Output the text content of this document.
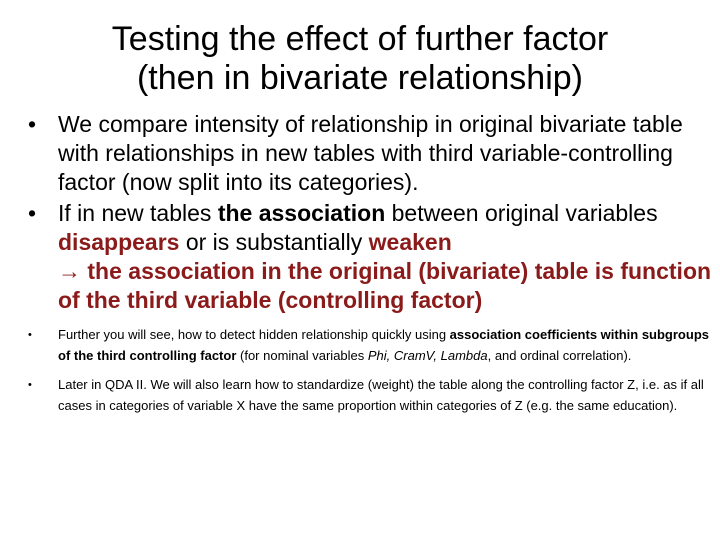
Testing the effect of further factor
(then in bivariate relationship)

• We compare intensity of relationship in original bivariate table with relationships in new tables with third variable-controlling factor (now split into its categories).

• If in new tables the association between original variables disappears or is substantially weaken
→ the association in the original (bivariate) table is function of the third variable (controlling factor)

• Further you will see, how to detect hidden relationship quickly using association coefficients within subgroups of the third controlling factor (for nominal variables Phi, CramV, Lambda, and ordinal correlation).

• Later in QDA II. We will also learn how to standardize (weight) the table along the controlling factor Z, i.e. as if all cases in categories of variable X have the same proportion within categories of Z (e.g. the same education).
